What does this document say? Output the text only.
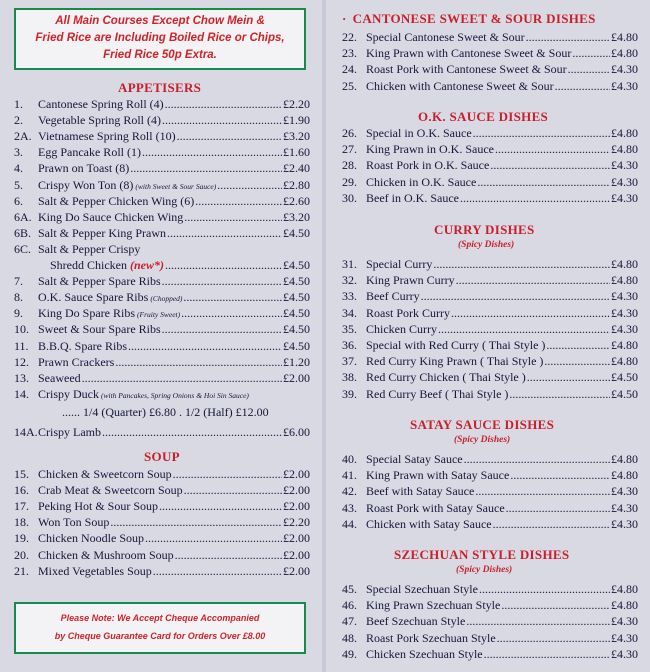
All Main Courses Except Chow Mein &
Fried Rice are Including Boiled Rice or Chips,
Fried Rice 50p Extra.
APPETISERS
1.	Cantonese Spring Roll (4) .....	£2.20
2.	Vegetable Spring Roll (4) .....	£1.90
2A. Vietnamese Spring Roll (10) .....	£3.20
3.	Egg Pancake Roll (1) .....	£1.60
4.	Prawn on Toast (8) .....	£2.40
5.	Crispy Won Ton (8) (with Sweet & Sour Sauce) .....	£2.80
6.	Salt & Pepper Chicken Wing (6) .....	£2.60
6A. King Do Sauce Chicken Wing .....	£3.20
6B. Salt & Pepper King Prawn .....	£4.50
6C. Salt & Pepper Crispy
Shredd Chicken (new*) .....	£4.50
7.	Salt & Pepper Spare Ribs .....	£4.50
8.	O.K. Sauce Spare Ribs (Chopped) .....	£4.50
9.	King Do Spare Ribs (Fruity Sweet) .....	£4.50
10. Sweet & Sour Spare Ribs .....	£4.50
11. B.B.Q. Spare Ribs .....	£4.50
12. Prawn Crackers .....	£1.20
13. Seaweed .....	£2.00
14. Crispy Duck (with Pancakes, Spring Onions & Hoi Sin Sauce)
...... 1/4 (Quarter) £6.80 . 1/2 (Half) £12.00
14A. Crispy Lamb .....	£6.00
SOUP
15. Chicken & Sweetcorn Soup .....	£2.00
16. Crab Meat & Sweetcorn Soup .....	£2.00
17. Peking Hot & Sour Soup .....	£2.00
18. Won Ton Soup .....	£2.20
19. Chicken Noodle Soup .....	£2.00
20. Chicken & Mushroom Soup .....	£2.00
21. Mixed Vegetables Soup .....	£2.00
Please Note: We Accept Cheque Accompanied
by Cheque Guarantee Card for Orders Over £8.00
· CANTONESE SWEET & SOUR DISHES
22. Special Cantonese Sweet & Sour .....	£4.80
23. King Prawn with Cantonese Sweet & Sour .....	£4.80
24. Roast Pork with Cantonese Sweet & Sour .....	£4.30
25. Chicken with Cantonese Sweet & Sour .....	£4.30
O.K. SAUCE DISHES
26. Special in O.K. Sauce .....	£4.80
27. King Prawn in O.K. Sauce .....	£4.80
28. Roast Pork in O.K. Sauce .....	£4.30
29. Chicken in O.K. Sauce .....	£4.30
30. Beef in O.K. Sauce .....	£4.30
CURRY DISHES
(Spicy Dishes)
31. Special Curry .....	£4.80
32. King Prawn Curry .....	£4.80
33. Beef Curry .....	£4.30
34. Roast Pork Curry .....	£4.30
35. Chicken Curry .....	£4.30
36. Special with Red Curry ( Thai Style ) .....	£4.80
37. Red Curry King Prawn ( Thai Style ) .....	£4.80
38. Red Curry Chicken ( Thai Style ) .....	£4.50
39. Red Curry Beef ( Thai Style ) .....	£4.50
SATAY SAUCE DISHES
(Spicy Dishes)
40. Special Satay Sauce .....	£4.80
41. King Prawn with Satay Sauce .....	£4.80
42. Beef with Satay Sauce .....	£4.30
43. Roast Pork with Satay Sauce .....	£4.30
44. Chicken with Satay Sauce .....	£4.30
SZECHUAN STYLE DISHES
(Spicy Dishes)
45. Special Szechuan Style .....	£4.80
46. King Prawn Szechuan Style .....	£4.80
47. Beef Szechuan Style .....	£4.30
48. Roast Pork Szechuan Style .....	£4.30
49. Chicken Szechuan Style .....	£4.30
